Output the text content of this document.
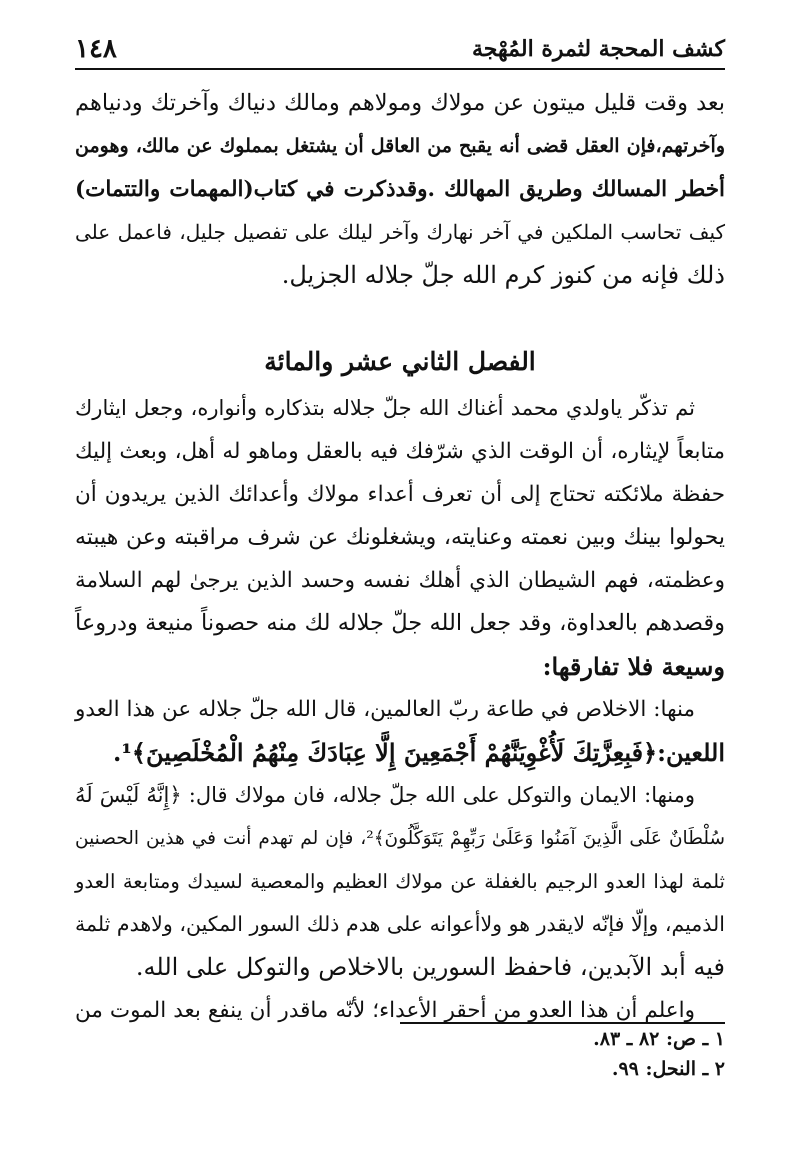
كشف المحجة لثمرة المُهْجة
١٤٨
بعد وقت قليل ميتون عن مولاك ومولاهم ومالك دنياك وآخرتك ودنياهم
وآخرتهم،فإن العقل قضى أنه يقبح من العاقل أن يشتغل بمملوك عن مالك، وهومن
أخطر المسالك وطريق المهالك .وقدذكرت في كتاب(المهمات والتتمات)
كيف تحاسب الملكين في آخر نهارك وآخر ليلك على تفصيل جليل، فاعمل على
ذلك فإنه من كنوز كرم الله جلّ جلاله الجزيل.
الفصل الثاني عشر والمائة
ثم تذكّر ياولدي محمد أغناك الله جلّ جلاله بتذكاره وأنواره، وجعل ايثارك
متابعاً لإيثاره، أن الوقت الذي شرّفك فيه بالعقل وماهو له أهل، وبعث إليك
حفظة ملائكته تحتاج إلى أن تعرف أعداء مولاك وأعدائك الذين يريدون أن
يحولوا بينك وبين نعمته وعنايته، ويشغلونك عن شرف مراقبته وعن هيبته
وعظمته، فهم الشيطان الذي أهلك نفسه وحسد الذين يرجىٰ لهم السلامة
وقصدهم بالعداوة، وقد جعل الله جلّ جلاله لك منه حصوناً منيعة ودروعاً
وسيعة فلا تفارقها:
منها: الاخلاص في طاعة ربّ العالمين، قال الله جلّ جلاله عن هذا العدو
اللعين:﴿فَبِعِزَّتِكَ لَأُغْوِيَنَّهُمْ أَجْمَعِينَ إِلَّا عِبَادَكَ مِنْهُمُ الْمُخْلَصِينَ﴾¹.
ومنها: الايمان والتوكل على الله جلّ جلاله، فان مولاك قال: ﴿إِنَّهُ لَيْسَ لَهُ
سُلْطَانٌ عَلَى الَّذِينَ آمَنُوا وَعَلَىٰ رَبِّهِمْ يَتَوَكَّلُونَ﴾²، فإن لم تهدم أنت في هذين الحصنين
ثلمة لهذا العدو الرجيم بالغفلة عن مولاك العظيم والمعصية لسيدك ومتابعة العدو
الذميم، وإلّا فإنّه لايقدر هو ولاأعوانه على هدم ذلك السور المكين، ولاهدم ثلمة
فيه أبد الآبدين، فاحفظ السورين بالاخلاص والتوكل على الله.
واعلم أن هذا العدو من أحقر الأعداء؛ لأنّه ماقدر أن ينفع بعد الموت من
١ ـ ص: ٨٢ ـ ٨٣.
٢ ـ النحل: ٩٩.
